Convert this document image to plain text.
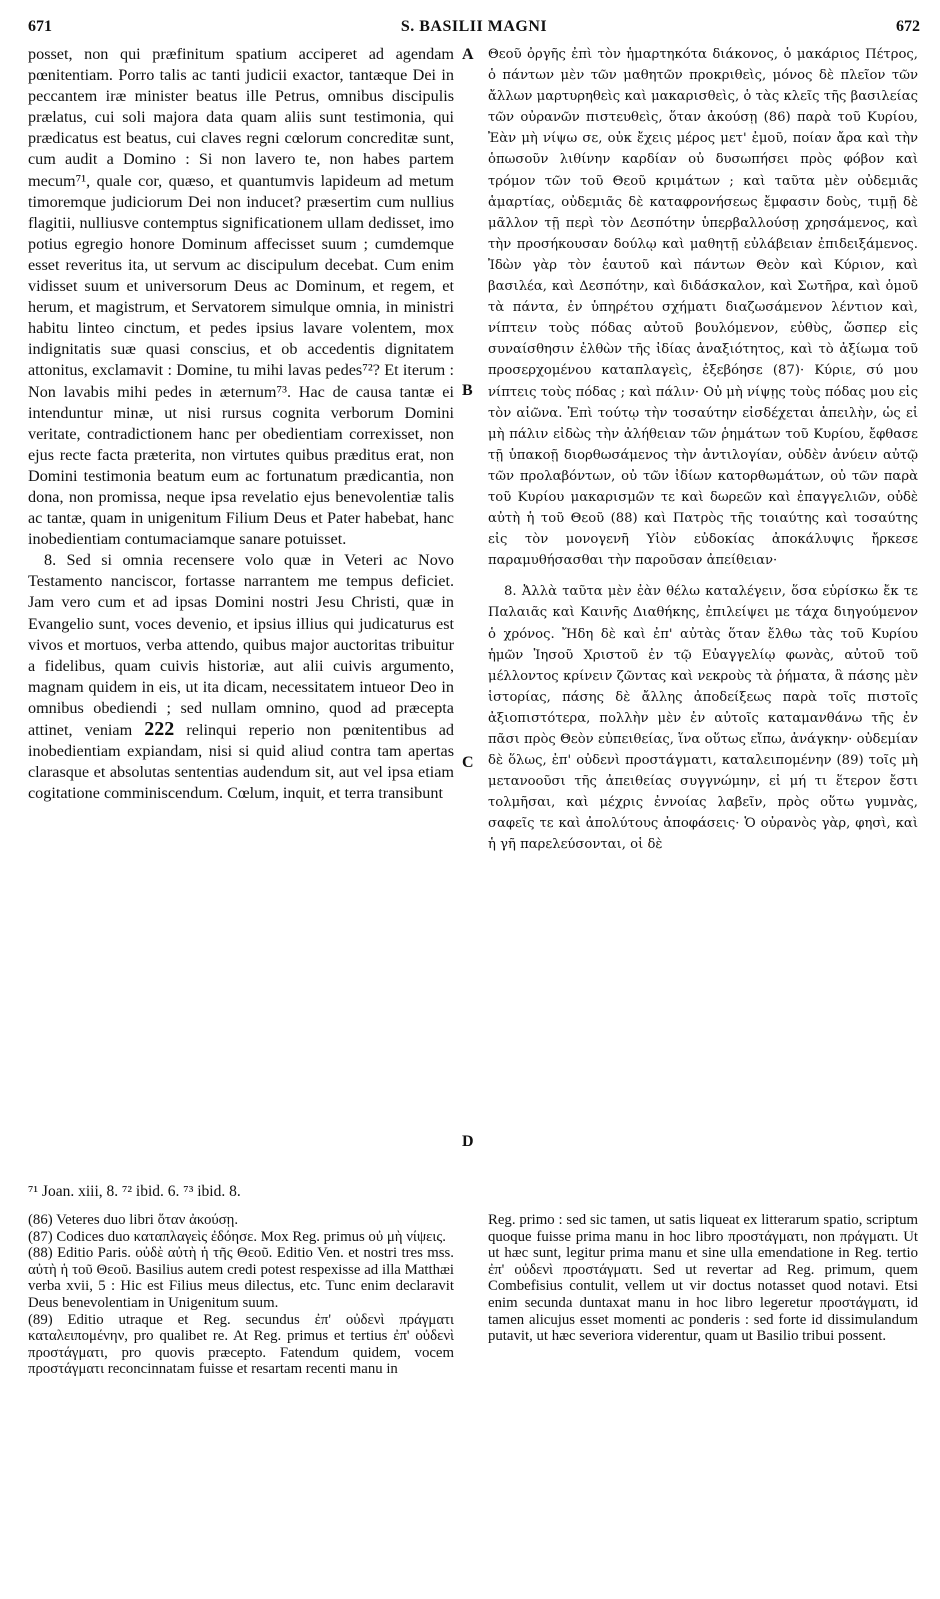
671	S. BASILII MAGNI	672
A
B
C
D

posset, non qui præfinitum spatium acciperet ad agendam pœnitentiam. Porro talis ac tanti judicii exactor, tantæque Dei in peccantem iræ minister beatus ille Petrus, omnibus discipulis prælatus, cui soli majora data quam aliis sunt testimonia, qui prædicatus est beatus, cui claves regni cœlorum concreditæ sunt, cum audit a Domino : Si non lavero te, non habes partem mecum⁷¹, quale cor, quæso, et quantumvis lapideum ad metum timoremque judiciorum Dei non inducet? præsertim cum nullius flagitii, nulliusve contemptus significationem ullam dedisset, imo potius egregio honore Dominum affecisset suum ; cumdemque esset reveritus ita, ut servum ac discipulum decebat. Cum enim vidisset suum et universorum Deus ac Dominum, et regem, et herum, et magistrum, et Servatorem simulque omnia, in ministri habitu linteo cinctum, et pedes ipsius lavare volentem, mox indignitatis suæ quasi conscius, et ob accedentis dignitatem attonitus, exclamavit : Domine, tu mihi lavas pedes⁷²? Et iterum : Non lavabis mihi pedes in æternum⁷³. Hac de causa tantæ ei intenduntur minæ, ut nisi rursus cognita verborum Domini veritate, contradictionem hanc per obedientiam correxisset, non ejus recte facta præterita, non virtutes quibus præditus erat, non Domini testimonia beatum eum ac fortunatum prædicantia, non dona, non promissa, neque ipsa revelatio ejus benevolentiæ talis ac tantæ, quam in unigenitum Filium Deus et Pater habebat, hanc inobedientiam contumaciamque sanare potuisset.

8. Sed si omnia recensere volo quæ in Veteri ac Novo Testamento nanciscor, fortasse narrantem me tempus deficiet. Jam vero cum et ad ipsas Domini nostri Jesu Christi, quæ in Evangelio sunt, voces devenio, et ipsius illius qui judicaturus est vivos et mortuos, verba attendo, quibus major auctoritas tribuitur a fidelibus, quam cuivis historiæ, aut alii cuivis argumento, magnam quidem in eis, ut ita dicam, necessitatem intueor Deo in omnibus obediendi ; sed nullam omnino, quod ad præcepta attinet, veniam 222 relinqui reperio non pœnitentibus ad inobedientiam expiandam, nisi si quid aliud contra tam apertas clarasque et absolutas sententias audendum sit, aut vel ipsa etiam cogitatione comminiscendum. Cœlum, inquit, et terra transibunt

Θεοῦ ὀργῆς ἐπὶ τὸν ἡμαρτηκότα διάκονος, ὁ μακάριος Πέτρος, ὁ πάντων μὲν τῶν μαθητῶν προκριθεὶς, μόνος δὲ πλεῖον τῶν ἄλλων μαρτυρηθεὶς καὶ μακαρισθεὶς, ὁ τὰς κλεῖς τῆς βασιλείας τῶν οὐρανῶν πιστευθεὶς, ὅταν ἀκούσῃ (86) παρὰ τοῦ Κυρίου, Ἐὰν μὴ νίψω σε, οὐκ ἔχεις μέρος μετ' ἐμοῦ, ποίαν ἄρα καὶ τὴν ὁπωσοῦν λιθίνην καρδίαν οὐ δυσωπήσει πρὸς φόβον καὶ τρόμον τῶν τοῦ Θεοῦ κριμάτων ; καὶ ταῦτα μὲν οὐδεμιᾶς ἁμαρτίας, οὐδεμιᾶς δὲ καταφρονήσεως ἔμφασιν δοὺς, τιμῇ δὲ μᾶλλον τῇ περὶ τὸν Δεσπότην ὑπερβαλλούσῃ χρησάμενος, καὶ τὴν προσήκουσαν δούλῳ καὶ μαθητῇ εὐλάβειαν ἐπιδειξάμενος. Ἰδὼν γὰρ τὸν ἑαυτοῦ καὶ πάντων Θεὸν καὶ Κύριον, καὶ βασιλέα, καὶ Δεσπότην, καὶ διδάσκαλον, καὶ Σωτῆρα, καὶ ὁμοῦ τὰ πάντα, ἐν ὑπηρέτου σχήματι διαζωσάμενον λέντιον καὶ, νίπτειν τοὺς πόδας αὐτοῦ βουλόμενον, εὐθὺς, ὥσπερ εἰς συναίσθησιν ἐλθὼν τῆς ἰδίας ἀναξιότητος, καὶ τὸ ἀξίωμα τοῦ προσερχομένου καταπλαγεὶς, ἐξεβόησε (87)· Κύριε, σύ μου νίπτεις τοὺς πόδας ; καὶ πάλιν· Οὐ μὴ νίψῃς τοὺς πόδας μου εἰς τὸν αἰῶνα. Ἐπὶ τούτῳ τὴν τοσαύτην εἰσδέχεται ἀπειλὴν, ὡς εἰ μὴ πάλιν εἰδὼς τὴν ἀλήθειαν τῶν ῥημάτων τοῦ Κυρίου, ἔφθασε τῇ ὑπακοῇ διορθωσάμενος τὴν ἀντιλογίαν, οὐδὲν ἀνύειν αὐτῷ τῶν προλαβόντων, οὐ τῶν ἰδίων κατορθωμάτων, οὐ τῶν παρὰ τοῦ Κυρίου μακαρισμῶν τε καὶ δωρεῶν καὶ ἐπαγγελιῶν, οὐδὲ αὐτὴ ἡ τοῦ Θεοῦ (88) καὶ Πατρὸς τῆς τοιαύτης καὶ τοσαύτης εἰς τὸν μονογενῆ Υἱὸν εὐδοκίας ἀποκάλυψις ἤρκεσε παραμυθήσασθαι τὴν παροῦσαν ἀπείθειαν·

8. Ἀλλὰ ταῦτα μὲν ἐὰν θέλω καταλέγειν, ὅσα εὑρίσκω ἔκ τε Παλαιᾶς καὶ Καινῆς Διαθήκης, ἐπιλείψει με τάχα διηγούμενον ὁ χρόνος. Ἤδη δὲ καὶ ἐπ' αὐτὰς ὅταν ἔλθω τὰς τοῦ Κυρίου ἡμῶν Ἰησοῦ Χριστοῦ ἐν τῷ Εὐαγγελίῳ φωνὰς, αὐτοῦ τοῦ μέλλοντος κρίνειν ζῶντας καὶ νεκροὺς τὰ ῥήματα, ἃ πάσης μὲν ἱστορίας, πάσης δὲ ἄλλης ἀποδείξεως παρὰ τοῖς πιστοῖς ἀξιοπιστότερα, πολλὴν μὲν ἐν αὐτοῖς καταμανθάνω τῆς ἐν πᾶσι πρὸς Θεὸν εὐπειθείας, ἵνα οὕτως εἴπω, ἀνάγκην· οὐδεμίαν δὲ ὅλως, ἐπ' οὐδενὶ προστάγματι, καταλειπομένην (89) τοῖς μὴ μετανοοῦσι τῆς ἀπειθείας συγγνώμην, εἰ μή τι ἕτερον ἔστι τολμῆσαι, καὶ μέχρις ἐννοίας λαβεῖν, πρὸς οὕτω γυμνὰς, σαφεῖς τε καὶ ἀπολύτους ἀποφάσεις· Ὁ οὐρανὸς γὰρ, φησὶ, καὶ ἡ γῆ παρελεύσονται, οἱ δὲ

⁷¹ Joan. xiii, 8. ⁷² ibid. 6. ⁷³ ibid. 8.

(86) Veteres duo libri ὅταν ἀκούσῃ.

(87) Codices duo καταπλαγεὶς ἐδόησε. Mox Reg. primus οὐ μὴ νίψεις.

(88) Editio Paris. οὐδὲ αὐτὴ ἡ τῆς Θεοῦ. Editio Ven. et nostri tres mss. αὐτὴ ἡ τοῦ Θεοῦ. Basilius autem credi potest respexisse ad illa Matthæi verba xvii, 5 : Hic est Filius meus dilectus, etc. Tunc enim declaravit Deus benevolentiam in Unigenitum suum.

(89) Editio utraque et Reg. secundus ἐπ' οὐδενὶ πράγματι καταλειπομένην, pro qualibet re. At Reg. primus et tertius ἐπ' οὐδενὶ προστάγματι, pro quovis præcepto. Fatendum quidem, vocem προστάγματι reconcinnatam fuisse et resartam recenti manu in

Reg. primo : sed sic tamen, ut satis liqueat ex litterarum spatio, scriptum quoque fuisse prima manu in hoc libro προστάγματι, non πράγματι. Ut ut hæc sunt, legitur prima manu et sine ulla emendatione in Reg. tertio ἐπ' οὐδενὶ προστάγματι. Sed ut revertar ad Reg. primum, quem Combefisius contulit, vellem ut vir doctus notasset quod notavi. Etsi enim secunda duntaxat manu in hoc libro legeretur προστάγματι, id tamen alicujus esset momenti ac ponderis : sed forte id dissimulandum putavit, ut hæc severiora viderentur, quam ut Basilio tribui possent.
